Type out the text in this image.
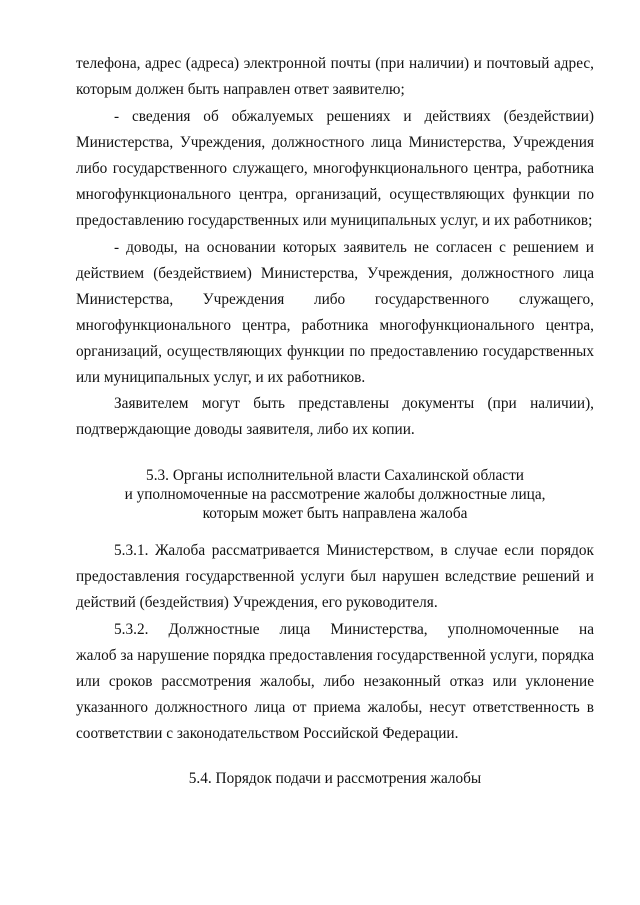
телефона, адрес (адреса) электронной почты (при наличии) и почтовый адрес,
которым должен быть направлен ответ заявителю;
- сведения об обжалуемых решениях и действиях (бездействии)
Министерства, Учреждения, должностного лица Министерства, Учреждения
либо государственного служащего, многофункционального центра, работника
многофункционального центра, организаций, осуществляющих функции по
предоставлению государственных или муниципальных услуг, и их работников;
- доводы, на основании которых заявитель не согласен с решением и
действием (бездействием) Министерства, Учреждения, должностного лица
Министерства, Учреждения либо государственного служащего,
многофункционального центра, работника многофункционального центра,
организаций, осуществляющих функции по предоставлению государственных
или муниципальных услуг, и их работников.
Заявителем могут быть представлены документы (при наличии),
подтверждающие доводы заявителя, либо их копии.
5.3. Органы исполнительной власти Сахалинской области
и уполномоченные на рассмотрение жалобы должностные лица,
которым может быть направлена жалоба
5.3.1. Жалоба рассматривается Министерством, в случае если порядок
предоставления государственной услуги был нарушен вследствие решений и
действий (бездействия) Учреждения, его руководителя.
5.3.2. Должностные лица Министерства, уполномоченные на
жалоб за нарушение порядка предоставления государственной услуги, порядка
или сроков рассмотрения жалобы, либо незаконный отказ или уклонение
указанного должностного лица от приема жалобы, несут ответственность в
соответствии с законодательством Российской Федерации.
5.4. Порядок подачи и рассмотрения жалобы
